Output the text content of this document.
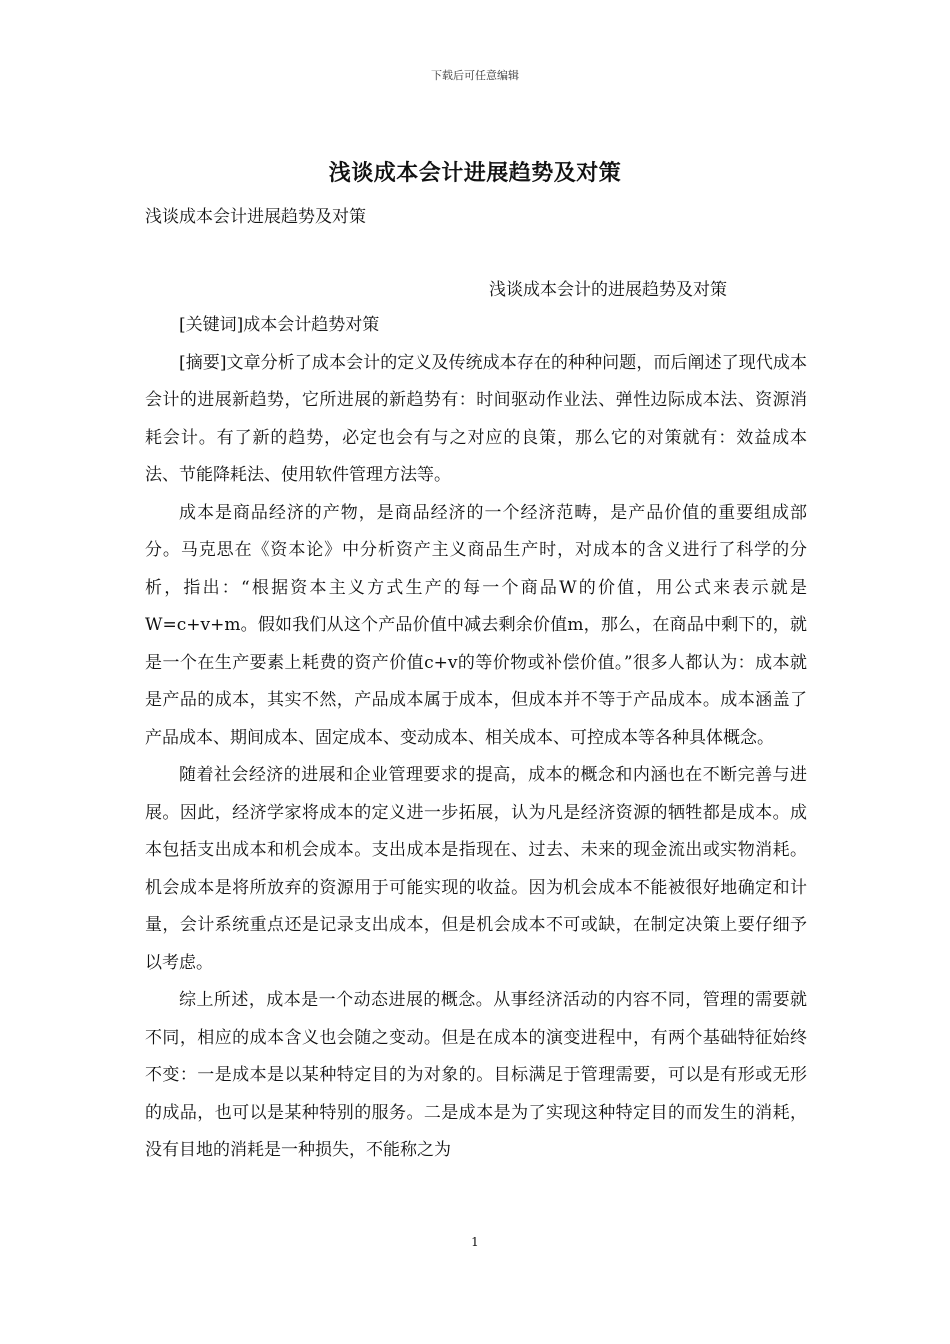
下载后可任意编辑
浅谈成本会计进展趋势及对策
浅谈成本会计进展趋势及对策
浅谈成本会计的进展趋势及对策

[关键词]成本会计趋势对策

[摘要]文章分析了成本会计的定义及传统成本存在的种种问题，而后阐述了现代成本会计的进展新趋势，它所进展的新趋势有：时间驱动作业法、弹性边际成本法、资源消耗会计。有了新的趋势，必定也会有与之对应的良策，那么它的对策就有：效益成本法、节能降耗法、使用软件管理方法等。

成本是商品经济的产物，是商品经济的一个经济范畴，是产品价值的重要组成部分。马克思在《资本论》中分析资产主义商品生产时，对成本的含义进行了科学的分析，指出：“根据资本主义方式生产的每一个商品W的价值，用公式来表示就是W=c+v+m。假如我们从这个产品价值中减去剩余价值m，那么，在商品中剩下的，就是一个在生产要素上耗费的资产价值c+v的等价物或补偿价值。”很多人都认为：成本就是产品的成本，其实不然，产品成本属于成本，但成本并不等于产品成本。成本涵盖了产品成本、期间成本、固定成本、变动成本、相关成本、可控成本等各种具体概念。

随着社会经济的进展和企业管理要求的提高，成本的概念和内涵也在不断完善与进展。因此，经济学家将成本的定义进一步拓展，认为凡是经济资源的牺牲都是成本。成本包括支出成本和机会成本。支出成本是指现在、过去、未来的现金流出或实物消耗。机会成本是将所放弃的资源用于可能实现的收益。因为机会成本不能被很好地确定和计量，会计系统重点还是记录支出成本，但是机会成本不可或缺，在制定决策上要仔细予以考虑。

综上所述，成本是一个动态进展的概念。从事经济活动的内容不同，管理的需要就不同，相应的成本含义也会随之变动。但是在成本的演变进程中，有两个基础特征始终不变：一是成本是以某种特定目的为对象的。目标满足于管理需要，可以是有形或无形的成品，也可以是某种特别的服务。二是成本是为了实现这种特定目的而发生的消耗，没有目地的消耗是一种损失，不能称之为

1
